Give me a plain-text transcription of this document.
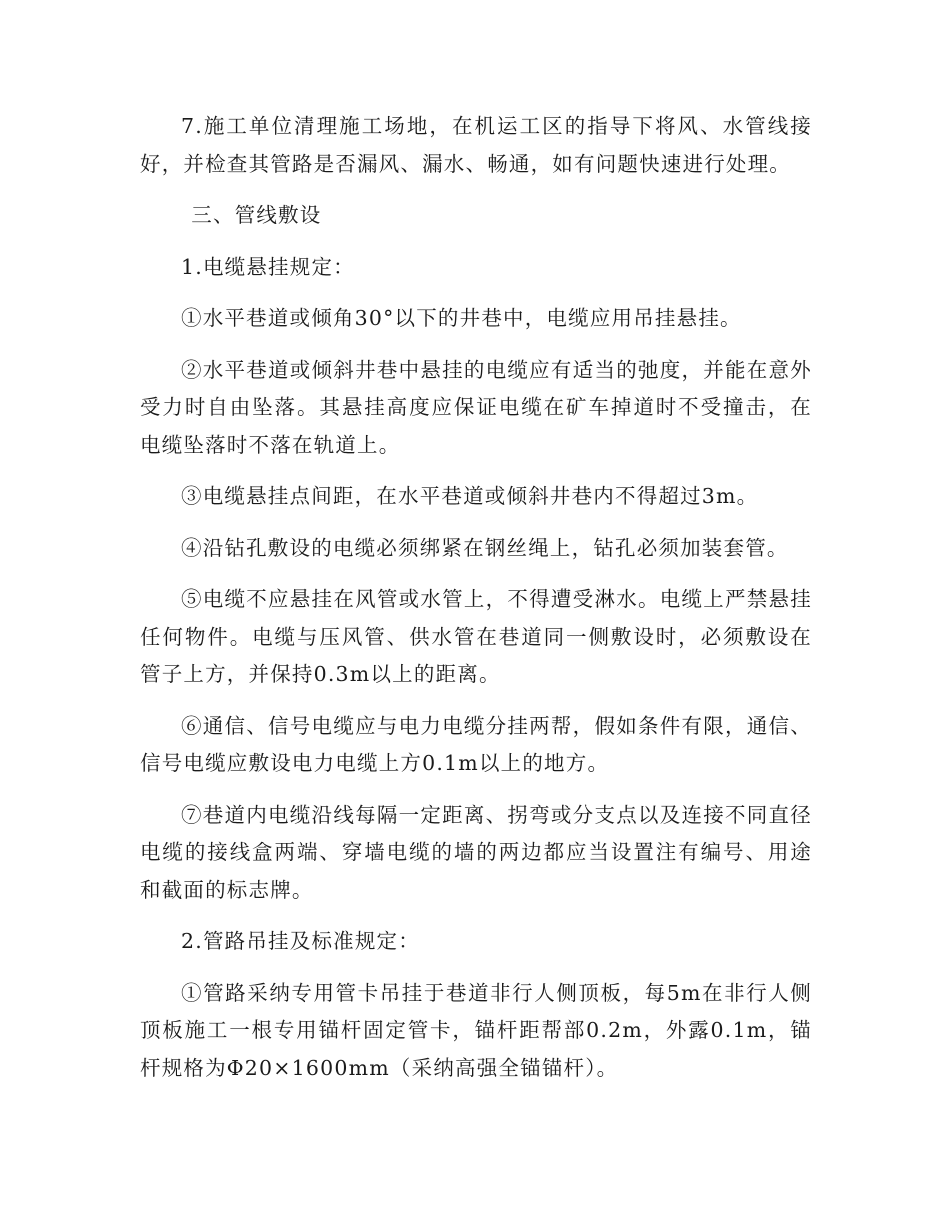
7.施工单位清理施工场地，在机运工区的指导下将风、水管线接好，并检查其管路是否漏风、漏水、畅通，如有问题快速进行处理。

三、管线敷设

1.电缆悬挂规定：

①水平巷道或倾角30°以下的井巷中，电缆应用吊挂悬挂。

②水平巷道或倾斜井巷中悬挂的电缆应有适当的弛度，并能在意外受力时自由坠落。其悬挂高度应保证电缆在矿车掉道时不受撞击，在电缆坠落时不落在轨道上。

③电缆悬挂点间距，在水平巷道或倾斜井巷内不得超过3m。

④沿钻孔敷设的电缆必须绑紧在钢丝绳上，钻孔必须加装套管。

⑤电缆不应悬挂在风管或水管上，不得遭受淋水。电缆上严禁悬挂任何物件。电缆与压风管、供水管在巷道同一侧敷设时，必须敷设在管子上方，并保持0.3m以上的距离。

⑥通信、信号电缆应与电力电缆分挂两帮，假如条件有限，通信、信号电缆应敷设电力电缆上方0.1m以上的地方。

⑦巷道内电缆沿线每隔一定距离、拐弯或分支点以及连接不同直径电缆的接线盒两端、穿墙电缆的墙的两边都应当设置注有编号、用途和截面的标志牌。

2.管路吊挂及标准规定：

①管路采纳专用管卡吊挂于巷道非行人侧顶板，每5m在非行人侧顶板施工一根专用锚杆固定管卡，锚杆距帮部0.2m，外露0.1m，锚杆规格为Φ20×1600mm（采纳高强全锚锚杆）。
